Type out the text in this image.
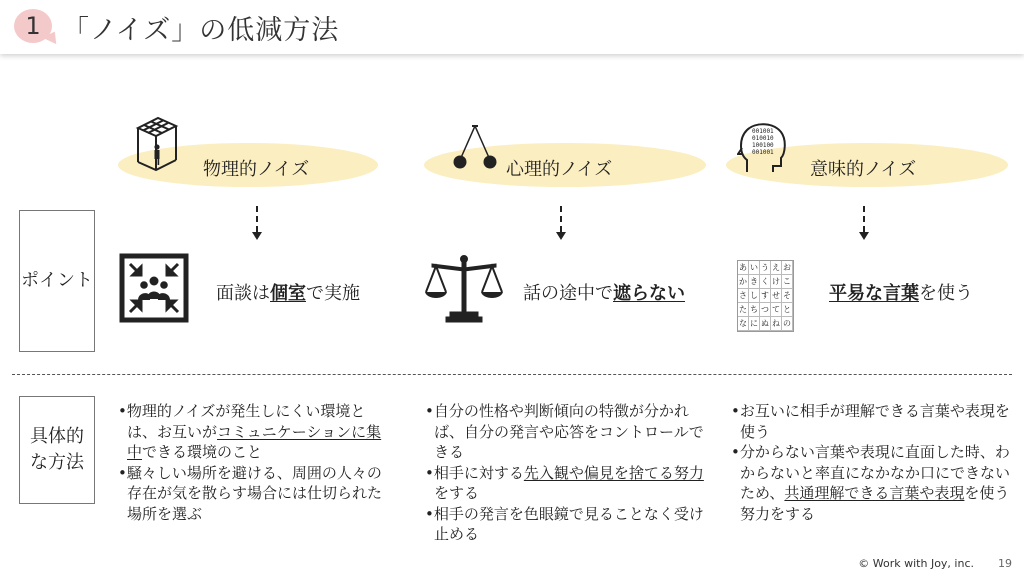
1 「ノイズ」の低減方法
001001
010010
100100
001001
物理的ノイズ	心理的ノイズ	意味的ノイズ
ポイント
具体的
な方法
あ い う え お
か き く け こ
さ し す せ そ
た ち つ て と
な に ぬ ね の
面談は個室で実施	話の途中で遮らない	平易な言葉を使う

•物理的ノイズが発生しにくい環境とは、お互いがコミュニケーションに集中できる環境のこと

•騒々しい場所を避ける、周囲の人々の存在が気を散らす場合には仕切られた場所を選ぶ

•自分の性格や判断傾向の特徴が分かれば、自分の発言や応答をコントロールできる

•相手に対する先入観や偏見を捨てる努力をする

•相手の発言を色眼鏡で見ることなく受け止める

•お互いに相手が理解できる言葉や表現を使う

•分からない言葉や表現に直面した時、わからないと率直になかなか口にできないため、共通理解できる言葉や表現を使う努力をする

© Work with Joy, inc. 19
